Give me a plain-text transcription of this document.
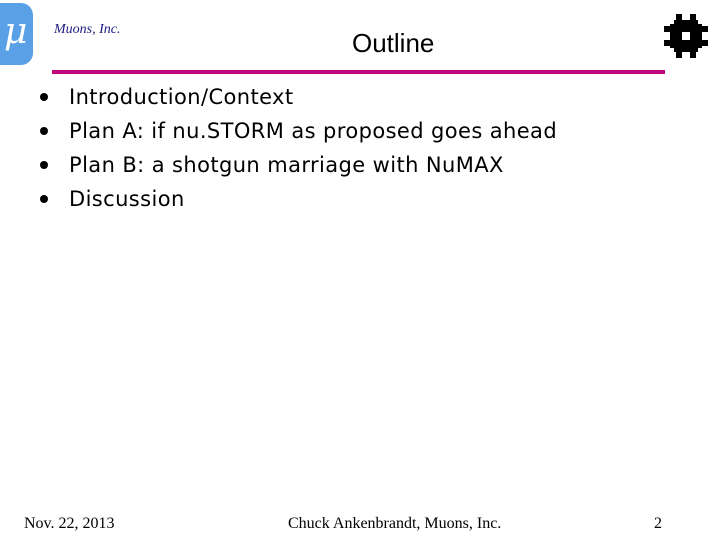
μ Muons, Inc.	Outline
Introduction/Context
Plan A: if nu.STORM as proposed goes ahead
Plan B: a shotgun marriage with NuMAX
Discussion
Nov. 22, 2013	Chuck Ankenbrandt, Muons, Inc.	2
